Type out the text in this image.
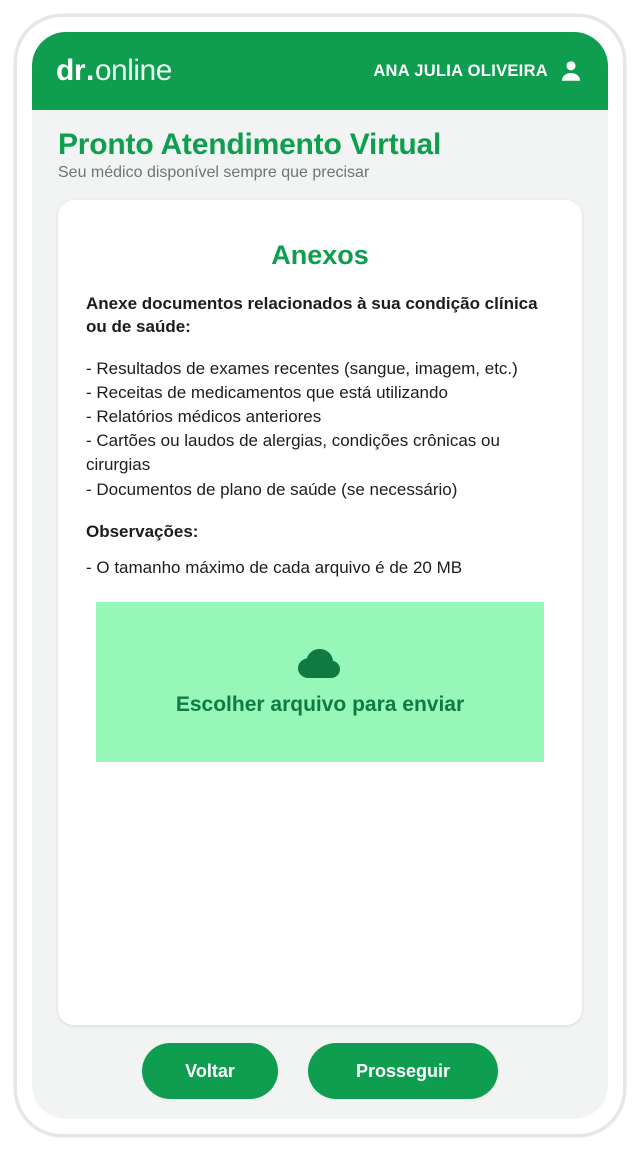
dr . online	ANA JULIA OLIVEIRA
Pronto Atendimento Virtual

Seu médico disponível sempre que precisar

Anexos

Anexe documentos relacionados à sua condição clínica ou de saúde:

- Resultados de exames recentes (sangue, imagem, etc.)
- Receitas de medicamentos que está utilizando
- Relatórios médicos anteriores
- Cartões ou laudos de alergias, condições crônicas ou cirurgias
- Documentos de plano de saúde (se necessário)

Observações:

- O tamanho máximo de cada arquivo é de 20 MB

Escolher arquivo para enviar
Voltar	Prosseguir
